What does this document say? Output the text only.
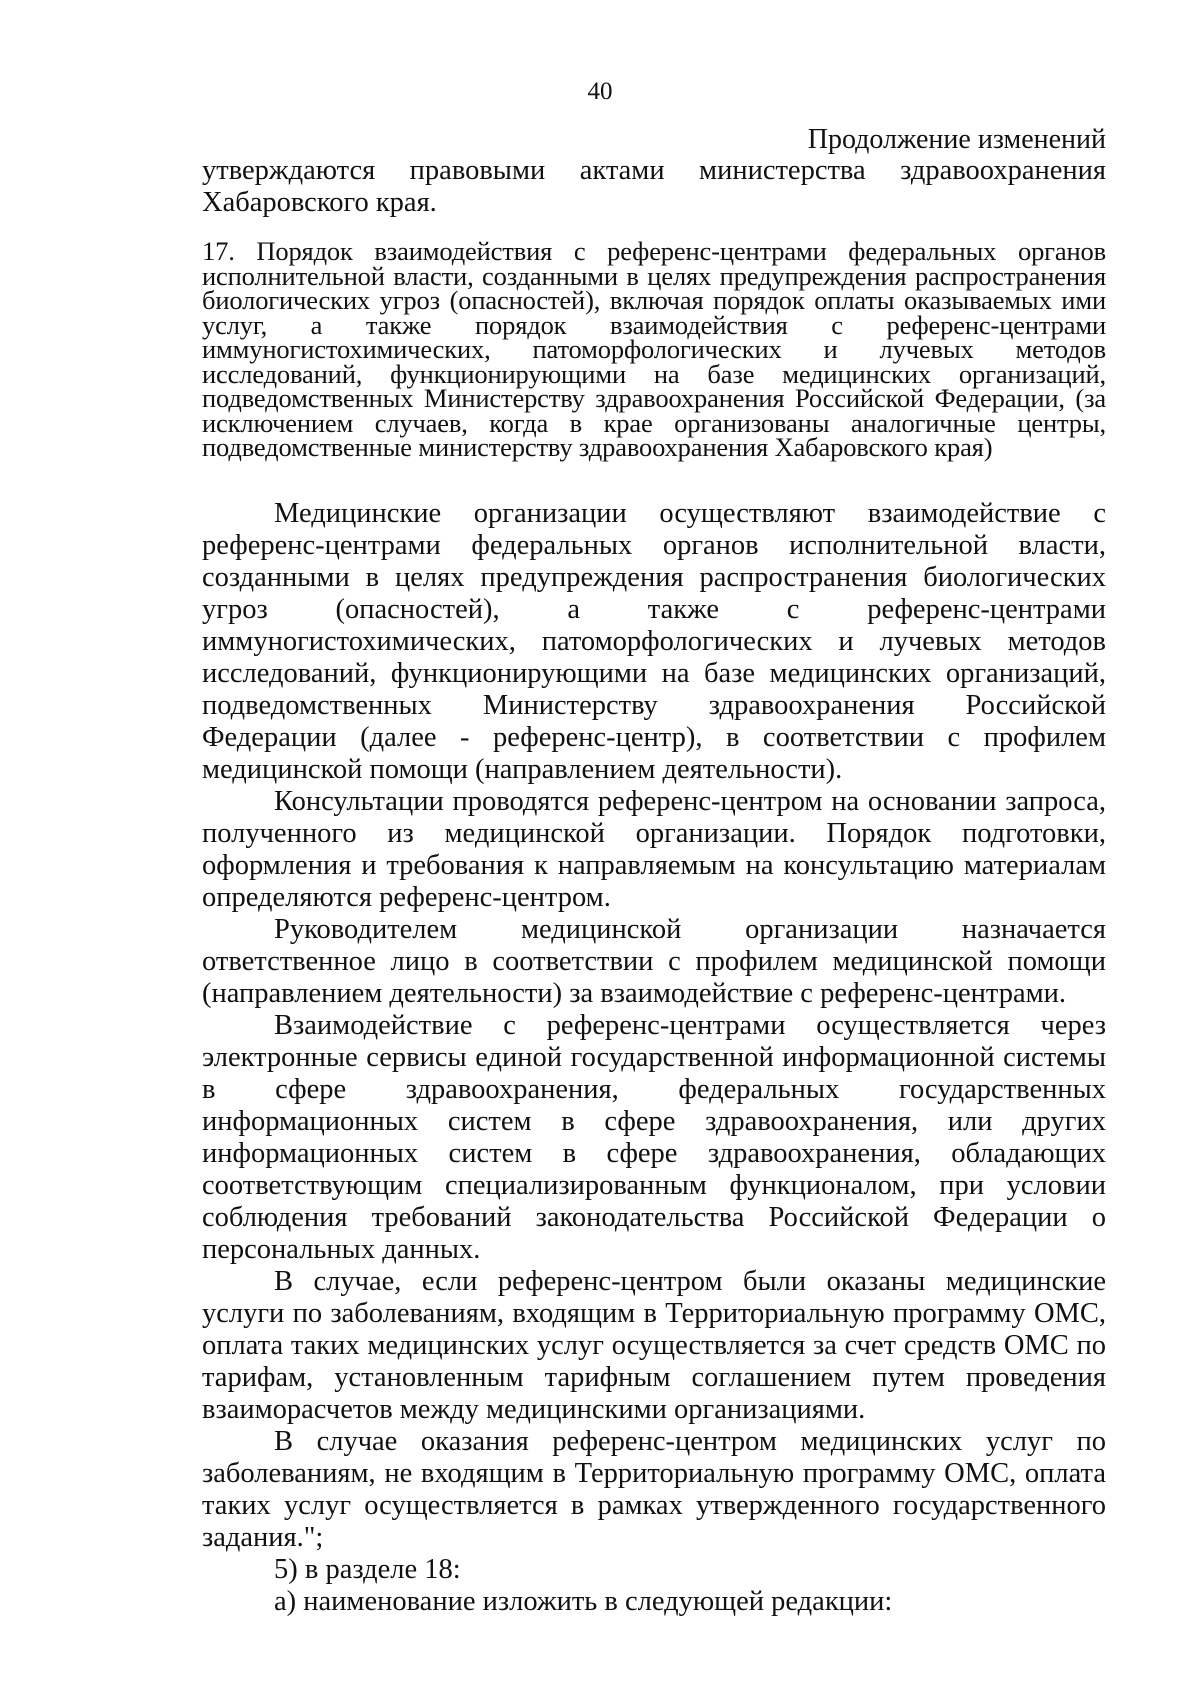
40
Продолжение изменений

утверждаются правовыми актами министерства здравоохранения Хабаровского края.

17. Порядок взаимодействия с референс-центрами федеральных органов исполнительной власти, созданными в целях предупреждения распространения биологических угроз (опасностей), включая порядок оплаты оказываемых ими услуг, а также порядок взаимодействия с референс-центрами иммуногистохимических, патоморфологических и лучевых методов исследований, функционирующими на базе медицинских организаций, подведомственных Министерству здравоохранения Российской Федерации, (за исключением случаев, когда в крае организованы аналогичные центры, подведомственные министерству здравоохранения Хабаровского края)

Медицинские организации осуществляют взаимодействие с референс-центрами федеральных органов исполнительной власти, созданными в целях предупреждения распространения биологических угроз (опасностей), а также с референс-центрами иммуногистохимических, патоморфологических и лучевых методов исследований, функционирующими на базе медицинских организаций, подведомственных Министерству здравоохранения Российской Федерации (далее - референс-центр), в соответствии с профилем медицинской помощи (направлением деятельности).

Консультации проводятся референс-центром на основании запроса, полученного из медицинской организации. Порядок подготовки, оформления и требования к направляемым на консультацию материалам определяются референс-центром.

Руководителем медицинской организации назначается ответственное лицо в соответствии с профилем медицинской помощи (направлением деятельности) за взаимодействие с референс-центрами.

Взаимодействие с референс-центрами осуществляется через электронные сервисы единой государственной информационной системы в сфере здравоохранения, федеральных государственных информационных систем в сфере здравоохранения, или других информационных систем в сфере здравоохранения, обладающих соответствующим специализированным функционалом, при условии соблюдения требований законодательства Российской Федерации о персональных данных.

В случае, если референс-центром были оказаны медицинские услуги по заболеваниям, входящим в Территориальную программу ОМС, оплата таких медицинских услуг осуществляется за счет средств ОМС по тарифам, установленным тарифным соглашением путем проведения взаиморасчетов между медицинскими организациями.

В случае оказания референс-центром медицинских услуг по заболеваниям, не входящим в Территориальную программу ОМС, оплата таких услуг осуществляется в рамках утвержденного государственного задания.";

5) в разделе 18:

а) наименование изложить в следующей редакции:
